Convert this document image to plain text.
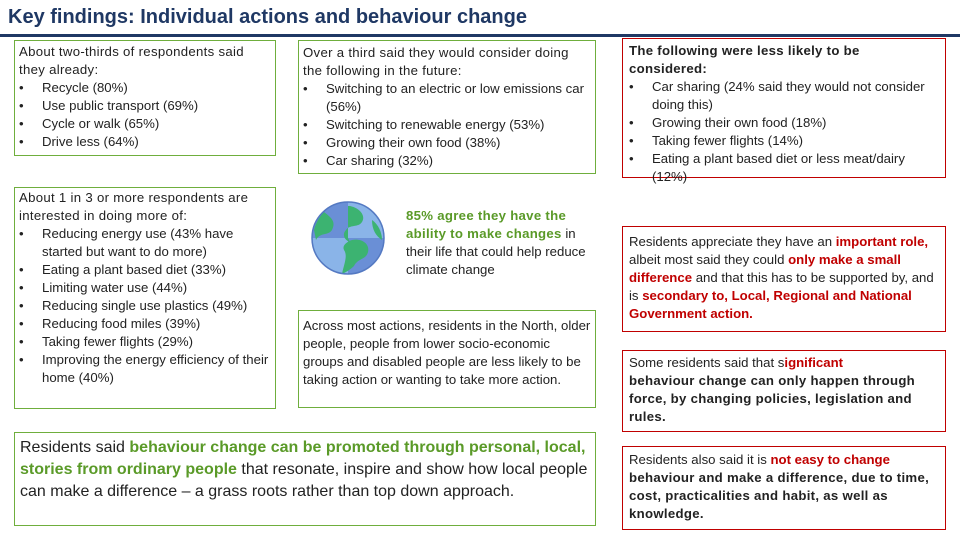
Key findings: Individual actions and behaviour change
About two-thirds of respondents said they already:
• Recycle (80%)
• Use public transport (69%)
• Cycle or walk (65%)
• Drive less (64%)
About 1 in 3 or more respondents are interested in doing more of:
• Reducing energy use (43% have started but want to do more)
• Eating a plant based diet (33%)
• Limiting water use (44%)
• Reducing single use plastics (49%)
• Reducing food miles (39%)
• Taking fewer flights (29%)
• Improving the energy efficiency of their home (40%)
Over a third said they would consider doing the following in the future:
• Switching to an electric or low emissions car (56%)
• Switching to renewable energy (53%)
• Growing their own food (38%)
• Car sharing (32%)
85% agree they have the ability to make changes in their life that could help reduce climate change
Across most actions, residents in the North, older people, people from lower socio-economic groups and disabled people are less likely to be taking action or wanting to take more action.
Residents said behaviour change can be promoted through personal, local, stories from ordinary people that resonate, inspire and show how local people can make a difference – a grass roots rather than top down approach.
The following were less likely to be considered:
• Car sharing (24% said they would not consider doing this)
• Growing their own food (18%)
• Taking fewer flights (14%)
• Eating a plant based diet or less meat/dairy (12%)
Residents appreciate they have an important role, albeit most said they could only make a small difference and that this has to be supported by, and is secondary to, Local, Regional and National Government action.
Some residents said that significant
behaviour change can only happen through force, by changing policies, legislation and rules.
Residents also said it is not easy to change
behaviour and make a difference, due to time, cost, practicalities and habit, as well as knowledge.
